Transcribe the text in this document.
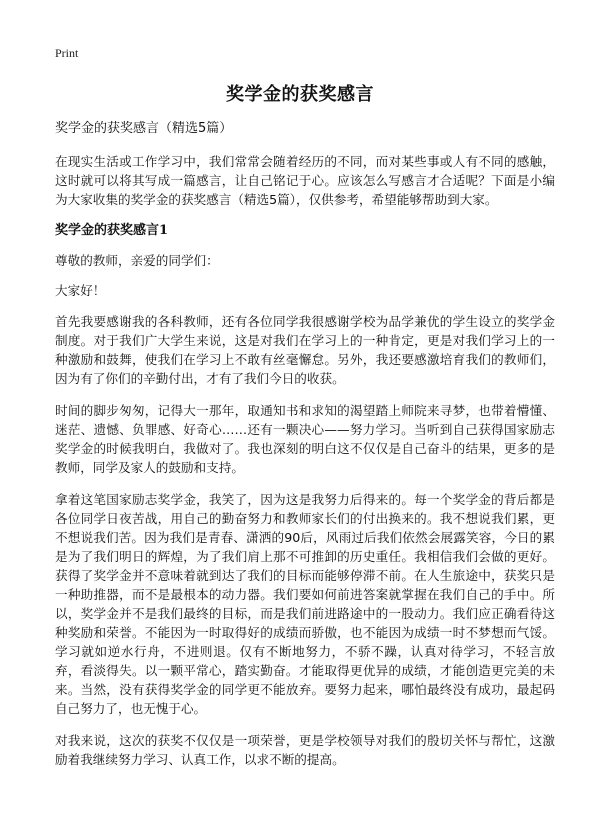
Print
奖学金的获奖感言

奖学金的获奖感言（精选5篇）

在现实生活或工作学习中，我们常常会随着经历的不同，而对某些事或人有不同的感触，这时就可以将其写成一篇感言，让自己铭记于心。应该怎么写感言才合适呢？下面是小编为大家收集的奖学金的获奖感言（精选5篇），仅供参考，希望能够帮助到大家。

奖学金的获奖感言1

尊敬的教师，亲爱的同学们：

大家好！

首先我要感谢我的各科教师，还有各位同学我很感谢学校为品学兼优的学生设立的奖学金制度。对于我们广大学生来说，这是对我们在学习上的一种肯定，更是对我们学习上的一种激励和鼓舞，使我们在学习上不敢有丝毫懈怠。另外，我还要感激培育我们的教师们，因为有了你们的辛勤付出，才有了我们今日的收获。

时间的脚步匆匆，记得大一那年，取通知书和求知的渴望踏上师院来寻梦，也带着懵懂、迷茫、遗憾、负罪感、好奇心……还有一颗决心——努力学习。当听到自己获得国家励志奖学金的时候我明白，我做对了。我也深刻的明白这不仅仅是自己奋斗的结果，更多的是教师，同学及家人的鼓励和支持。

拿着这笔国家励志奖学金，我笑了，因为这是我努力后得来的。每一个奖学金的背后都是各位同学日夜苦战，用自己的勤奋努力和教师家长们的付出换来的。我不想说我们累，更不想说我们苦。因为我们是青春、潇洒的90后，风雨过后我们依然会展露笑容，今日的累是为了我们明日的辉煌，为了我们肩上那不可推卸的历史重任。我相信我们会做的更好。获得了奖学金并不意味着就到达了我们的目标而能够停滞不前。在人生旅途中，获奖只是一种助推器，而不是最根本的动力器。我们要如何前进答案就掌握在我们自己的手中。所以，奖学金并不是我们最终的目标，而是我们前进路途中的一股动力。我们应正确看待这种奖励和荣誉。不能因为一时取得好的成绩而骄傲，也不能因为成绩一时不梦想而气馁。学习就如逆水行舟，不进则退。仅有不断地努力，不骄不躁，认真对待学习，不轻言放弃，看淡得失。以一颗平常心，踏实勤奋。才能取得更优异的成绩，才能创造更完美的未来。当然，没有获得奖学金的同学更不能放弃。要努力起来，哪怕最终没有成功，最起码自己努力了，也无愧于心。

对我来说，这次的获奖不仅仅是一项荣誉，更是学校领导对我们的殷切关怀与帮忙，这激励着我继续努力学习、认真工作，以求不断的提高。
